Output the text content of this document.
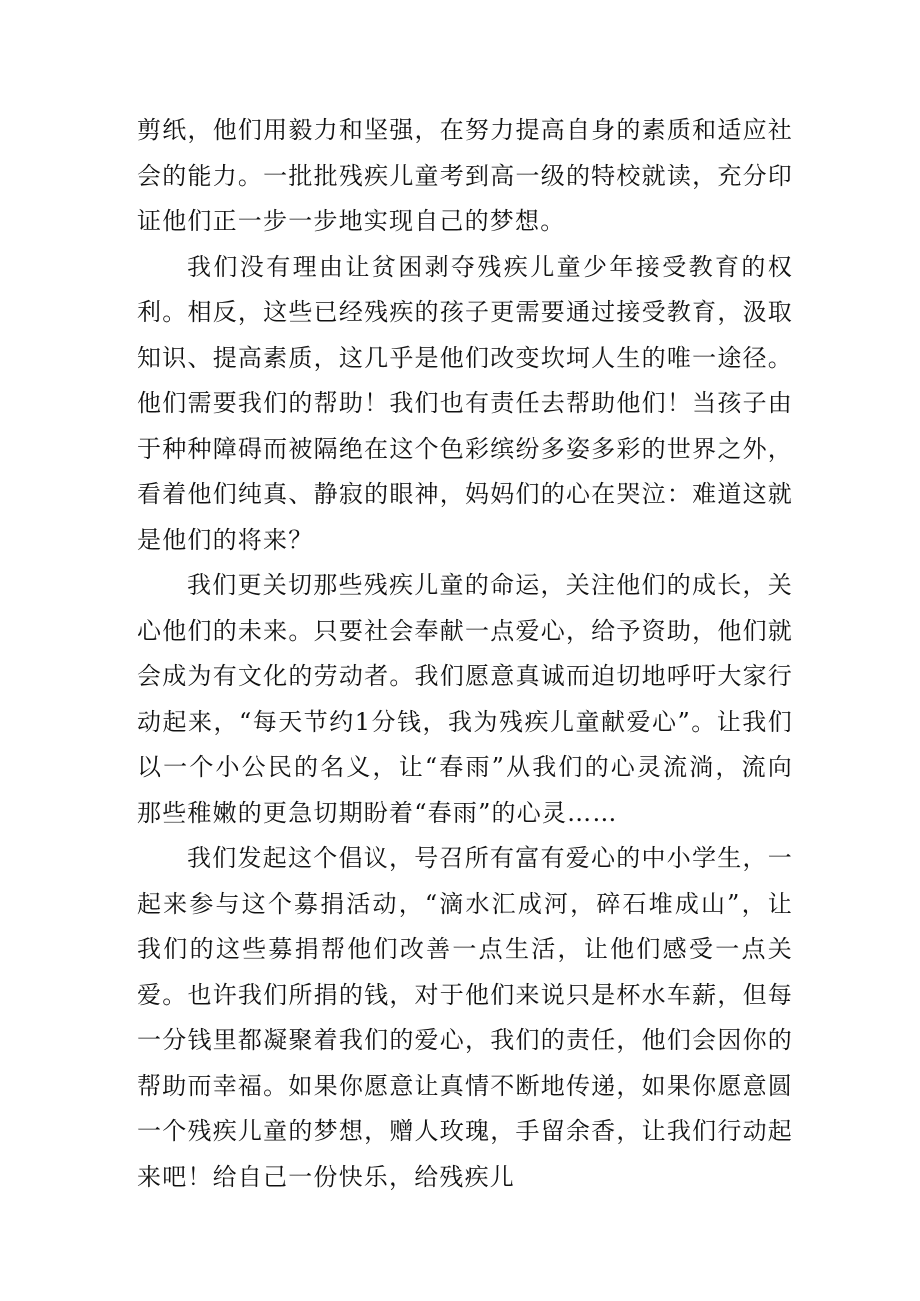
剪纸，他们用毅力和坚强，在努力提高自身的素质和适应社会的能力。一批批残疾儿童考到高一级的特校就读，充分印证他们正一步一步地实现自己的梦想。

我们没有理由让贫困剥夺残疾儿童少年接受教育的权利。相反，这些已经残疾的孩子更需要通过接受教育，汲取知识、提高素质，这几乎是他们改变坎坷人生的唯一途径。他们需要我们的帮助！我们也有责任去帮助他们！当孩子由于种种障碍而被隔绝在这个色彩缤纷多姿多彩的世界之外，看着他们纯真、静寂的眼神，妈妈们的心在哭泣：难道这就是他们的将来？

我们更关切那些残疾儿童的命运，关注他们的成长，关心他们的未来。只要社会奉献一点爱心，给予资助，他们就会成为有文化的劳动者。我们愿意真诚而迫切地呼吁大家行动起来，“每天节约1分钱，我为残疾儿童献爱心”。让我们以一个小公民的名义，让“春雨”从我们的心灵流淌，流向那些稚嫩的更急切期盼着“春雨”的心灵……

我们发起这个倡议，号召所有富有爱心的中小学生，一起来参与这个募捐活动，“滴水汇成河，碎石堆成山”，让我们的这些募捐帮他们改善一点生活，让他们感受一点关爱。也许我们所捐的钱，对于他们来说只是杯水车薪，但每一分钱里都凝聚着我们的爱心，我们的责任，他们会因你的帮助而幸福。如果你愿意让真情不断地传递，如果你愿意圆一个残疾儿童的梦想，赠人玫瑰，手留余香，让我们行动起来吧！给自己一份快乐，给残疾儿
